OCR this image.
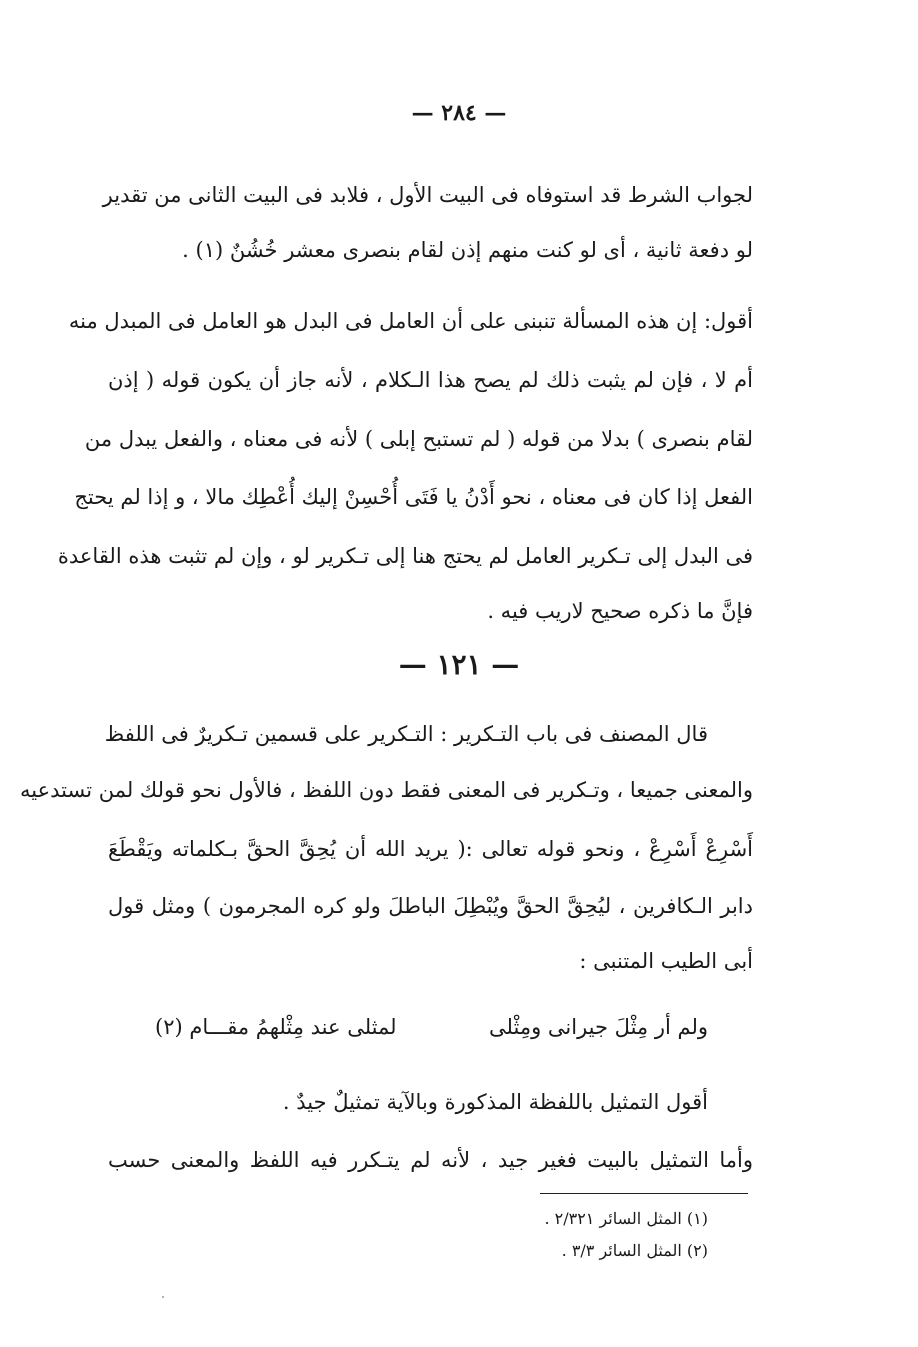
— ٢٨٤ —
لجواب الشرط قد استوفاه فى البيت الأول ، فلابد فى البيت الثانى من تقدير
لو دفعة ثانية ، أى لو كنت منهم إذن لقام بنصرى معشر خُشُنٌ (١) .
أقول: إن هذه المسألة تنبنى على أن العامل فى البدل هو العامل فى المبدل منه
أم لا ، فإن لم يثبت ذلك لم يصح هذا الـكلام ، لأنه جاز أن يكون قوله ( إذن
لقام بنصرى ) بدلا من قوله ( لم تستبح إبلى ) لأنه فى معناه ، والفعل يبدل من
الفعل إذا كان فى معناه ، نحو أَدْنُ يا فَتَى أُحْسِنْ إليك أُعْطِك مالا ، و إذا لم يحتج
فى البدل إلى تـكرير العامل لم يحتج هنا إلى تـكرير لو ، وإن لم تثبت هذه القاعدة
فإنَّ ما ذكره صحيح لاريب فيه .
— ١٢١ —
قال المصنف فى باب التـكرير : التـكرير على قسمين تـكريرٌ فى اللفظ
والمعنى جميعا ، وتـكرير فى المعنى فقط دون اللفظ ، فالأول نحو قولك لمن تستدعيه
أَسْرِعْ أَسْرِعْ ، ونحو قوله تعالى :( يريد الله أن يُحِقَّ الحقَّ بـكلماته ويَقْطَعَ
دابر الـكافرين ، ليُحِقَّ الحقَّ ويُبْطِلَ الباطلَ ولو كره المجرمون ) ومثل قول
أبى الطيب المتنبى :
ولم أر مِثْلَ جيرانى ومِثْلى
لمثلى عند مِثْلهمُ مقـــام (٢)
أقول التمثيل باللفظة المذكورة وبالآية تمثيلٌ جيدٌ .
وأما التمثيل بالبيت فغير جيد ، لأنه لم يتـكرر فيه اللفظ والمعنى حسب
(١) المثل السائر ٢/٣٢١ .
(٢) المثل السائر ٣/٣ .
